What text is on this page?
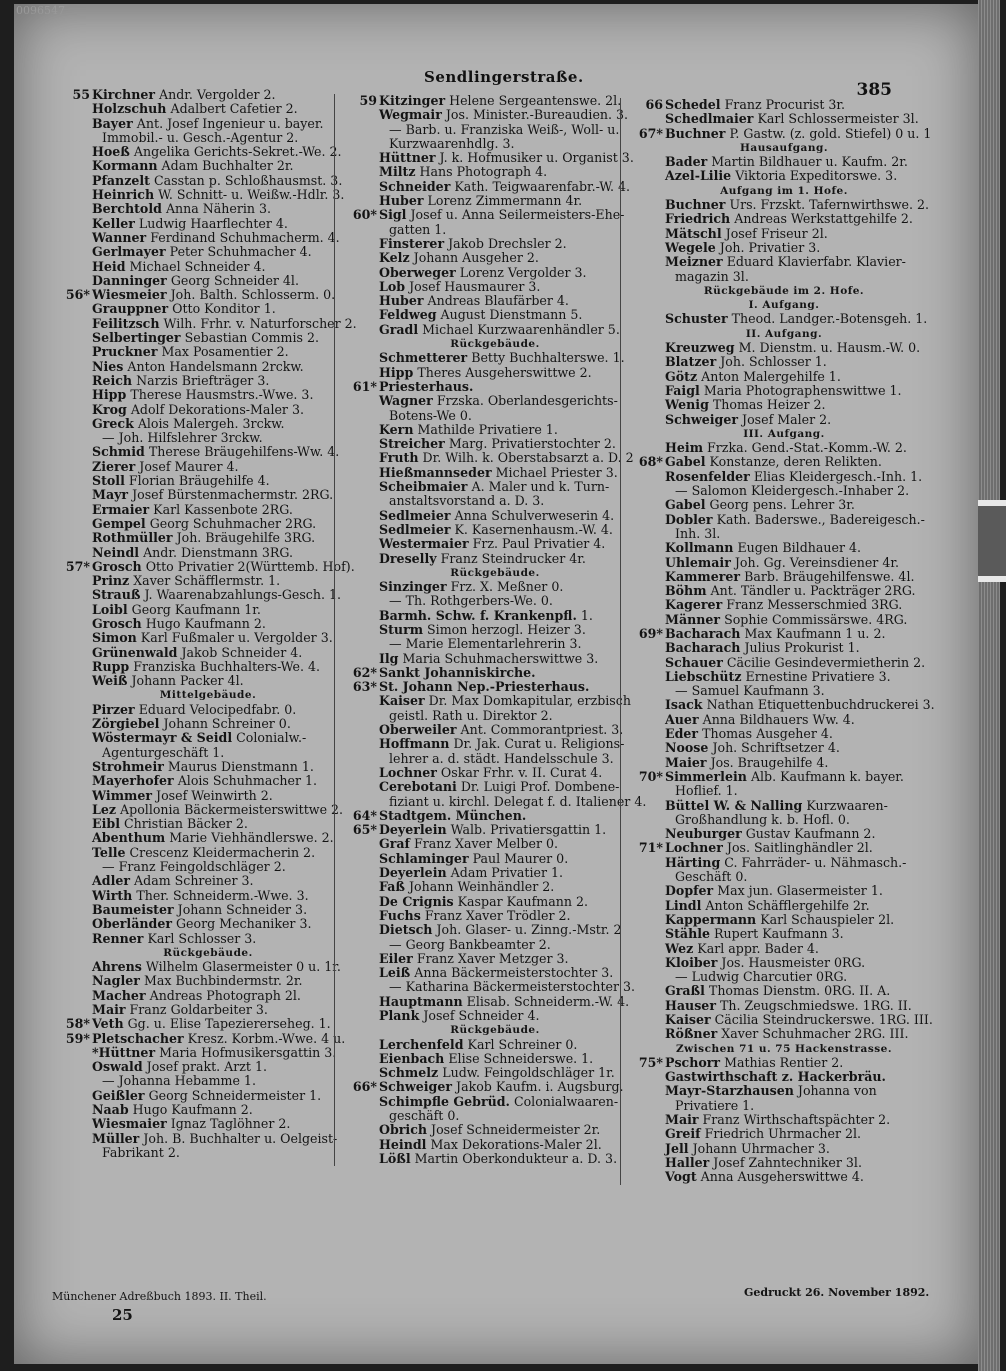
0096547
Sendlingerstraße.
385
55 Kirchner Andr. Vergolder 2.
Holzschuh Adalbert Cafetier 2.
Bayer Ant. Josef Ingenieur u. bayer.
Immobil.- u. Gesch.-Agentur 2.
Hoeß Angelika Gerichts-Sekret.-We. 2.
Kormann Adam Buchhalter 2r.
Pfanzelt Casstan p. Schloßhausmst. 3.
Heinrich W. Schnitt- u. Weißw.-Hdlr. 3.
Berchtold Anna Näherin 3.
Keller Ludwig Haarflechter 4.
Wanner Ferdinand Schuhmacherm. 4.
Gerlmayer Peter Schuhmacher 4.
Heid Michael Schneider 4.
Danninger Georg Schneider 4l.
56* Wiesmeier Joh. Balth. Schlosserm. 0.
Grauppner Otto Konditor 1.
Feilitzsch Wilh. Frhr. v. Naturforscher 2.
Selbertinger Sebastian Commis 2.
Pruckner Max Posamentier 2.
Nies Anton Handelsmann 2rckw.
Reich Narzis Briefträger 3.
Hipp Therese Hausmstrs.-Wwe. 3.
Krog Adolf Dekorations-Maler 3.
Greck Alois Malergeh. 3rckw.
— Joh. Hilfslehrer 3rckw.
Schmid Therese Bräugehilfens-Ww. 4.
Zierer Josef Maurer 4.
Stoll Florian Bräugehilfe 4.
Mayr Josef Bürstenmachermstr. 2RG.
Ermaier Karl Kassenbote 2RG.
Gempel Georg Schuhmacher 2RG.
Rothmüller Joh. Bräugehilfe 3RG.
Neindl Andr. Dienstmann 3RG.
57* Grosch Otto Privatier 2(Württemb. Hof).
Prinz Xaver Schäfflermstr. 1.
Strauß J. Waarenabzahlungs-Gesch. 1.
Loibl Georg Kaufmann 1r.
Grosch Hugo Kaufmann 2.
Simon Karl Fußmaler u. Vergolder 3.
Grünenwald Jakob Schneider 4.
Rupp Franziska Buchhalters-We. 4.
Weiß Johann Packer 4l.
Mittelgebäude.
Pirzer Eduard Velocipedfabr. 0.
Zörgiebel Johann Schreiner 0.
Wöstermayr & Seidl Colonialw.-
Agenturgeschäft 1.
Strohmeir Maurus Dienstmann 1.
Mayerhofer Alois Schuhmacher 1.
Wimmer Josef Weinwirth 2.
Lez Apollonia Bäckermeisterswittwe 2.
Eibl Christian Bäcker 2.
Abenthum Marie Viehhändlerswe. 2.
Telle Crescenz Kleidermacherin 2.
— Franz Feingoldschläger 2.
Adler Adam Schreiner 3.
Wirth Ther. Schneiderm.-Wwe. 3.
Baumeister Johann Schneider 3.
Oberländer Georg Mechaniker 3.
Renner Karl Schlosser 3.
Rückgebäude.
Ahrens Wilhelm Glasermeister 0 u. 1r.
Nagler Max Buchbindermstr. 2r.
Macher Andreas Photograph 2l.
Mair Franz Goldarbeiter 3.
58* Veth Gg. u. Elise Tapeziererseheg. 1.
59* Pletschacher Kresz. Korbm.-Wwe. 4 u.
*Hüttner Maria Hofmusikersgattin 3.
Oswald Josef prakt. Arzt 1.
— Johanna Hebamme 1.
Geißler Georg Schneidermeister 1.
Naab Hugo Kaufmann 2.
Wiesmaier Ignaz Taglöhner 2.
Müller Joh. B. Buchhalter u. Oelgeist-
Fabrikant 2.
59 Kitzinger Helene Sergeantenswe. 2l.
Wegmair Jos. Minister.-Bureaudien. 3.
— Barb. u. Franziska Weiß-, Woll- u.
Kurzwaarenhdlg. 3.
Hüttner J. k. Hofmusiker u. Organist 3.
Miltz Hans Photograph 4.
Schneider Kath. Teigwaarenfabr.-W. 4.
Huber Lorenz Zimmermann 4r.
60* Sigl Josef u. Anna Seilermeisters-Ehe-
gatten 1.
Finsterer Jakob Drechsler 2.
Kelz Johann Ausgeher 2.
Oberweger Lorenz Vergolder 3.
Lob Josef Hausmaurer 3.
Huber Andreas Blaufärber 4.
Feldweg August Dienstmann 5.
Gradl Michael Kurzwaarenhändler 5.
Rückgebäude.
Schmetterer Betty Buchhalterswe. 1.
Hipp Theres Ausgeherswittwe 2.
61* Priesterhaus.
Wagner Frzska. Oberlandesgerichts-
Botens-We 0.
Kern Mathilde Privatiere 1.
Streicher Marg. Privatierstochter 2.
Fruth Dr. Wilh. k. Oberstabsarzt a. D. 2
Hießmannseder Michael Priester 3.
Scheibmaier A. Maler und k. Turn-
anstaltsvorstand a. D. 3.
Sedlmeier Anna Schulverweserin 4.
Sedlmeier K. Kasernenhausm.-W. 4.
Westermaier Frz. Paul Privatier 4.
Dreselly Franz Steindrucker 4r.
Rückgebäude.
Sinzinger Frz. X. Meßner 0.
— Th. Rothgerbers-We. 0.
Barmh. Schw. f. Krankenpfl. 1.
Sturm Simon herzogl. Heizer 3.
— Marie Elementarlehrerin 3.
Ilg Maria Schuhmacherswittwe 3.
62* Sankt Johanniskirche.
63* St. Johann Nep.-Priesterhaus.
Kaiser Dr. Max Domkapitular, erzbisch
geistl. Rath u. Direktor 2.
Oberweiler Ant. Commorantpriest. 3.
Hoffmann Dr. Jak. Curat u. Religions-
lehrer a. d. städt. Handelsschule 3.
Lochner Oskar Frhr. v. II. Curat 4.
Cerebotani Dr. Luigi Prof. Dombene-
fiziant u. kirchl. Delegat f. d. Italiener 4.
64* Stadtgem. München.
65* Deyerlein Walb. Privatiersgattin 1.
Graf Franz Xaver Melber 0.
Schlaminger Paul Maurer 0.
Deyerlein Adam Privatier 1.
Faß Johann Weinhändler 2.
De Crignis Kaspar Kaufmann 2.
Fuchs Franz Xaver Trödler 2.
Dietsch Joh. Glaser- u. Zinng.-Mstr. 2
— Georg Bankbeamter 2.
Eiler Franz Xaver Metzger 3.
Leiß Anna Bäckermeisterstochter 3.
— Katharina Bäckermeisterstochter 3.
Hauptmann Elisab. Schneiderm.-W. 4.
Plank Josef Schneider 4.
Rückgebäude.
Lerchenfeld Karl Schreiner 0.
Eienbach Elise Schneiderswe. 1.
Schmelz Ludw. Feingoldschläger 1r.
66* Schweiger Jakob Kaufm. i. Augsburg.
Schimpfle Gebrüd. Colonialwaaren-
geschäft 0.
Obrich Josef Schneidermeister 2r.
Heindl Max Dekorations-Maler 2l.
Lößl Martin Oberkondukteur a. D. 3.
66 Schedel Franz Procurist 3r.
Schedlmaier Karl Schlossermeister 3l.
67* Buchner P. Gastw. (z. gold. Stiefel) 0 u. 1
Hausaufgang.
Bader Martin Bildhauer u. Kaufm. 2r.
Azel-Lilie Viktoria Expeditorswe. 3.
Aufgang im 1. Hofe.
Buchner Urs. Frzskt. Tafernwirthswe. 2.
Friedrich Andreas Werkstattgehilfe 2.
Mätschl Josef Friseur 2l.
Wegele Joh. Privatier 3.
Meizner Eduard Klavierfabr. Klavier-
magazin 3l.
Rückgebäude im 2. Hofe.
I. Aufgang.
Schuster Theod. Landger.-Botensgeh. 1.
II. Aufgang.
Kreuzweg M. Dienstm. u. Hausm.-W. 0.
Blatzer Joh. Schlosser 1.
Götz Anton Malergehilfe 1.
Faigl Maria Photographenswittwe 1.
Wenig Thomas Heizer 2.
Schweiger Josef Maler 2.
III. Aufgang.
Heim Frzka. Gend.-Stat.-Komm.-W. 2.
68* Gabel Konstanze, deren Relikten.
Rosenfelder Elias Kleidergesch.-Inh. 1.
— Salomon Kleidergesch.-Inhaber 2.
Gabel Georg pens. Lehrer 3r.
Dobler Kath. Baderswe., Badereigesch.-
Inh. 3l.
Kollmann Eugen Bildhauer 4.
Uhlemair Joh. Gg. Vereinsdiener 4r.
Kammerer Barb. Bräugehilfenswe. 4l.
Böhm Ant. Tändler u. Packträger 2RG.
Kagerer Franz Messerschmied 3RG.
Männer Sophie Commissärswe. 4RG.
69* Bacharach Max Kaufmann 1 u. 2.
Bacharach Julius Prokurist 1.
Schauer Cäcilie Gesindevermietherin 2.
Liebschütz Ernestine Privatiere 3.
— Samuel Kaufmann 3.
Isack Nathan Etiquettenbuchdruckerei 3.
Auer Anna Bildhauers Ww. 4.
Eder Thomas Ausgeher 4.
Noose Joh. Schriftsetzer 4.
Maier Jos. Braugehilfe 4.
70* Simmerlein Alb. Kaufmann k. bayer.
Hoflief. 1.
Büttel W. & Nalling Kurzwaaren-
Großhandlung k. b. Hofl. 0.
Neuburger Gustav Kaufmann 2.
71* Lochner Jos. Saitlinghändler 2l.
Härting C. Fahrräder- u. Nähmasch.-
Geschäft 0.
Dopfer Max jun. Glasermeister 1.
Lindl Anton Schäfflergehilfe 2r.
Kappermann Karl Schauspieler 2l.
Stähle Rupert Kaufmann 3.
Wez Karl appr. Bader 4.
Kloiber Jos. Hausmeister 0RG.
— Ludwig Charcutier 0RG.
Graßl Thomas Dienstm. 0RG. II. A.
Hauser Th. Zeugschmiedswe. 1RG. II.
Kaiser Cäcilia Steindruckerswe. 1RG. III.
Rößner Xaver Schuhmacher 2RG. III.
Zwischen 71 u. 75 Hackenstrasse.
75* Pschorr Mathias Rentier 2.
Gastwirthschaft z. Hackerbräu.
Mayr-Starzhausen Johanna von
Privatiere 1.
Mair Franz Wirthschaftspächter 2.
Greif Friedrich Uhrmacher 2l.
Jell Johann Uhrmacher 3.
Haller Josef Zahntechniker 3l.
Vogt Anna Ausgeherswittwe 4.
Münchener Adreßbuch 1893. II. Theil.
25
Gedruckt 26. November 1892.
